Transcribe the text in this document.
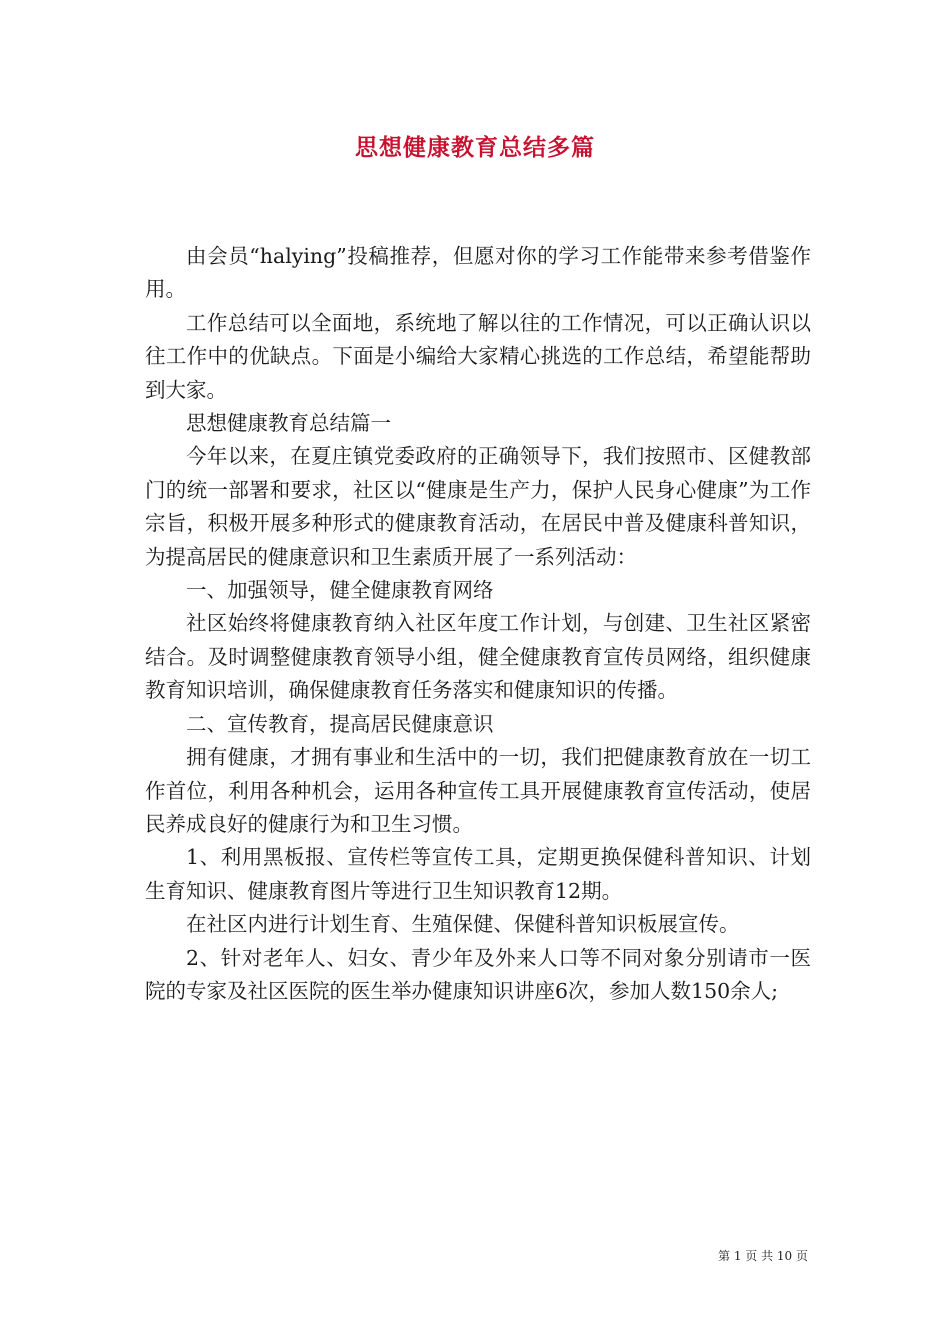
思想健康教育总结多篇

由会员“halying”投稿推荐，但愿对你的学习工作能带来参考借鉴作用。

工作总结可以全面地，系统地了解以往的工作情况，可以正确认识以往工作中的优缺点。下面是小编给大家精心挑选的工作总结，希望能帮助到大家。

思想健康教育总结篇一

今年以来，在夏庄镇党委政府的正确领导下，我们按照市、区健教部门的统一部署和要求，社区以“健康是生产力，保护人民身心健康”为工作宗旨，积极开展多种形式的健康教育活动，在居民中普及健康科普知识，为提高居民的健康意识和卫生素质开展了一系列活动：

一、加强领导，健全健康教育网络

社区始终将健康教育纳入社区年度工作计划，与创建、卫生社区紧密结合。及时调整健康教育领导小组，健全健康教育宣传员网络，组织健康教育知识培训，确保健康教育任务落实和健康知识的传播。

二、宣传教育，提高居民健康意识

拥有健康，才拥有事业和生活中的一切，我们把健康教育放在一切工作首位，利用各种机会，运用各种宣传工具开展健康教育宣传活动，使居民养成良好的健康行为和卫生习惯。

1、利用黑板报、宣传栏等宣传工具，定期更换保健科普知识、计划生育知识、健康教育图片等进行卫生知识教育12期。

在社区内进行计划生育、生殖保健、保健科普知识板展宣传。

2、针对老年人、妇女、青少年及外来人口等不同对象分别请市一医院的专家及社区医院的医生举办健康知识讲座6次，参加人数150余人;

第 1 页 共 10 页
